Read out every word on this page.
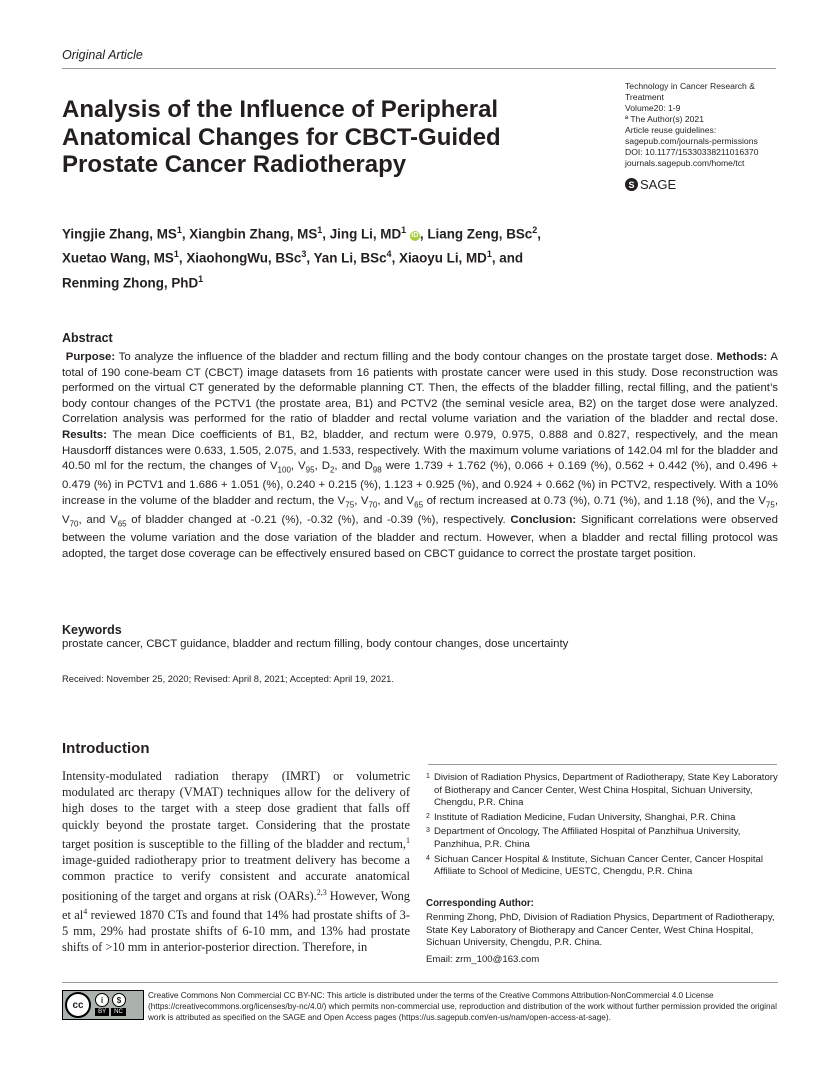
Original Article
Technology in Cancer Research &
Treatment
Volume20: 1-9
ª The Author(s) 2021
Article reuse guidelines:
sagepub.com/journals-permissions
DOI: 10.1177/15330338211016370
journals.sagepub.com/home/tct
S SAGE
Analysis of the Influence of Peripheral Anatomical Changes for CBCT-Guided Prostate Cancer Radiotherapy
Yingjie Zhang, $MS^1$, Xiangbin Zhang, $MS^1$, Jing Li, $MD^1$ iD , Liang Zeng, BSc$^2$, Xuetao Wang, $MS^1$, XiaohongWu, BSc$^3$, Yan Li, BSc$^4$, Xiaoyu Li, $MD^1$, and Renming Zhong, PhD$^1$
Abstract
Purpose: To analyze the influence of the bladder and rectum filling and the body contour changes on the prostate target dose. Methods: A total of 190 cone-beam CT (CBCT) image datasets from 16 patients with prostate cancer were used in this study. Dose reconstruction was performed on the virtual CT generated by the deformable planning CT. Then, the effects of the bladder filling, rectal filling, and the patient’s body contour changes of the PCTV1 (the prostate area, B1) and PCTV2 (the seminal vesicle area, B2) on the target dose were analyzed. Correlation analysis was performed for the ratio of bladder and rectal volume variation and the variation of the bladder and rectal dose. Results: The mean Dice coefficients of B1, B2, bladder, and rectum were 0.979, 0.975, 0.888 and 0.827, respectively, and the mean Hausdorff distances were 0.633, 1.505, 2.075, and 1.533, respectively. With the maximum volume variations of 142.04 ml for the bladder and 40.50 ml for the rectum, the changes of $V_{100}$, $V_{95}$, $D_2$, and $D_{98}$ were 1.739 + 1.762 (%), 0.066 + 0.169 (%), 0.562 + 0.442 (%), and 0.496 + 0.479 (%) in PCTV1 and 1.686 + 1.051 (%), 0.240 + 0.215 (%), 1.123 + 0.925 (%), and 0.924 + 0.662 (%) in PCTV2, respectively. With a 10% increase in the volume of the bladder and rectum, the $V_{75}$, $V_{70}$, and $V_{65}$ of rectum increased at 0.73 (%), 0.71 (%), and 1.18 (%), and the $V_{75}$, $V_{70}$, and $V_{65}$ of bladder changed at -0.21 (%), -0.32 (%), and -0.39 (%), respectively. Conclusion: Significant correlations were observed between the volume variation and the dose variation of the bladder and rectum. However, when a bladder and rectal filling protocol was adopted, the target dose coverage can be effectively ensured based on CBCT guidance to correct the prostate target position.
Keywords
prostate cancer, CBCT guidance, bladder and rectum filling, body contour changes, dose uncertainty
Received: November 25, 2020; Revised: April 8, 2021; Accepted: April 19, 2021.
Introduction
Intensity-modulated radiation therapy (IMRT) or volumetric modulated arc therapy (VMAT) techniques allow for the delivery of high doses to the target with a steep dose gradient that falls off quickly beyond the prostate target. Considering that the prostate target position is susceptible to the filling of the bladder and rectum,$^1$ image-guided radiotherapy prior to treatment delivery has become a common practice to verify consistent and accurate anatomical positioning of the target and organs at risk (OARs).$^{2,3}$ However, Wong et $al^4$ reviewed 1870 CTs and found that 14% had prostate shifts of 3-5 mm, 29% had prostate shifts of 6-10 mm, and 13% had prostate shifts of >10 mm in anterior-posterior direction. Therefore, in
1 Division of Radiation Physics, Department of Radiotherapy, State Key Laboratory of Biotherapy and Cancer Center, West China Hospital, Sichuan University, Chengdu, P.R. China
2 Institute of Radiation Medicine, Fudan University, Shanghai, P.R. China
3 Department of Oncology, The Affiliated Hospital of Panzhihua University, Panzhihua, P.R. China
4 Sichuan Cancer Hospital & Institute, Sichuan Cancer Center, Cancer Hospital Affiliate to School of Medicine, UESTC, Chengdu, P.R. China
Corresponding Author:
Renming Zhong, PhD, Division of Radiation Physics, Department of Radiotherapy, State Key Laboratory of Biotherapy and Cancer Center, West China Hospital, Sichuan University, Chengdu, P.R. China.
Email: zrm_100@163.com
cc	i	$
BY	NC
Creative Commons Non Commercial CC BY-NC: This article is distributed under the terms of the Creative Commons Attribution-NonCommercial 4.0 License (https://creativecommons.org/licenses/by-nc/4.0/) which permits non-commercial use, reproduction and distribution of the work without further permission provided the original work is attributed as specified on the SAGE and Open Access pages (https://us.sagepub.com/en-us/nam/open-access-at-sage).
